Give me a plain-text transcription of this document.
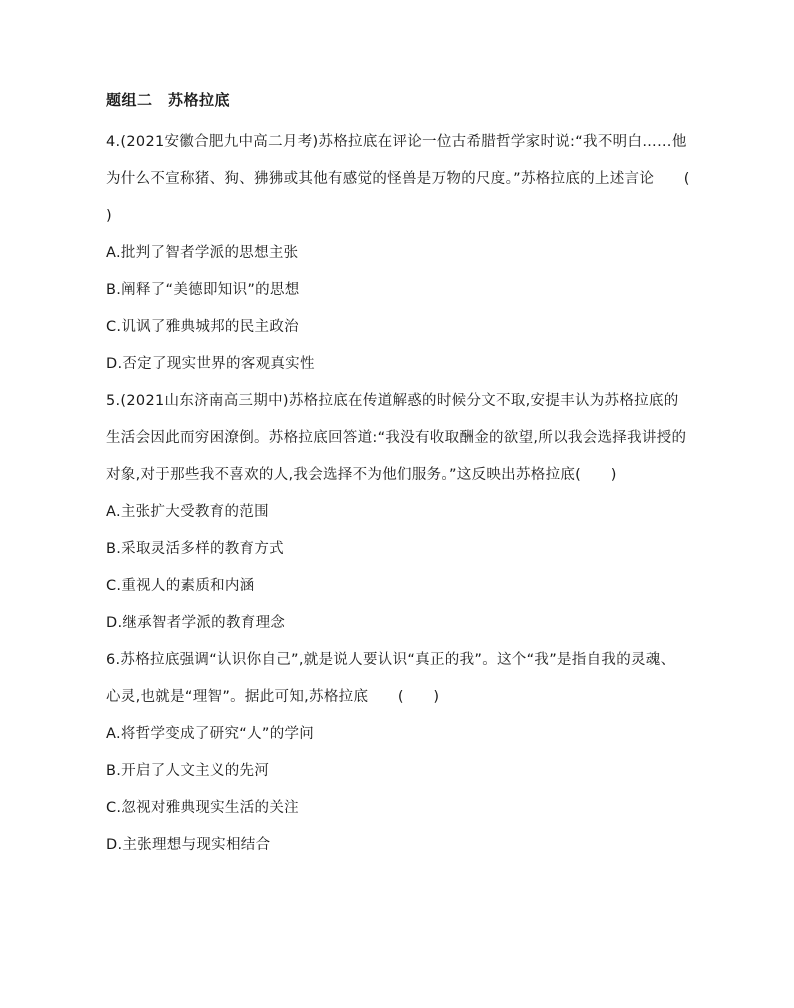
题组二　苏格拉底

4.(2021安徽合肥九中高二月考)苏格拉底在评论一位古希腊哲学家时说:“我不明白……他为什么不宣称猪、狗、狒狒或其他有感觉的怪兽是万物的尺度。”苏格拉底的上述言论　　(　　)

A.批判了智者学派的思想主张

B.阐释了“美德即知识”的思想

C.讥讽了雅典城邦的民主政治

D.否定了现实世界的客观真实性

5.(2021山东济南高三期中)苏格拉底在传道解惑的时候分文不取,安提丰认为苏格拉底的生活会因此而穷困潦倒。苏格拉底回答道:“我没有收取酬金的欲望,所以我会选择我讲授的对象,对于那些我不喜欢的人,我会选择不为他们服务。”这反映出苏格拉底(　　)

A.主张扩大受教育的范围

B.采取灵活多样的教育方式

C.重视人的素质和内涵

D.继承智者学派的教育理念

6.苏格拉底强调“认识你自己”,就是说人要认识“真正的我”。这个“我”是指自我的灵魂、心灵,也就是“理智”。据此可知,苏格拉底　　(　　)

A.将哲学变成了研究“人”的学问

B.开启了人文主义的先河

C.忽视对雅典现实生活的关注

D.主张理想与现实相结合
